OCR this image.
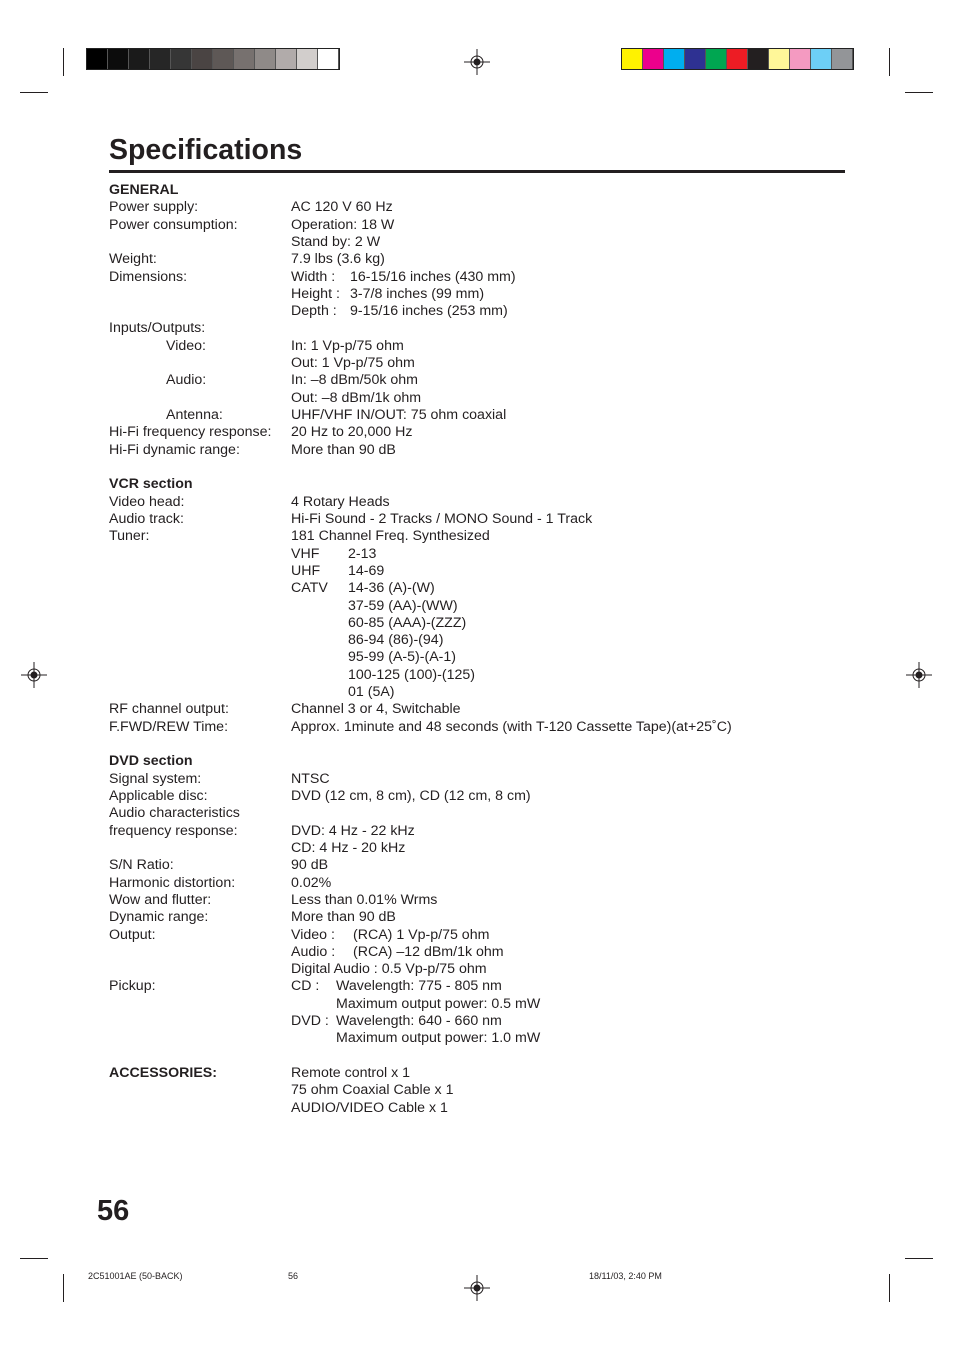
Specifications
GENERAL
Power supply:	AC 120 V 60 Hz
Power consumption:	Operation: 18 W
Stand by: 2 W
Weight:	7.9 lbs (3.6 kg)
Dimensions:	Width : 16-15/16 inches (430 mm)
Height : 3-7/8 inches (99 mm)
Depth : 9-15/16 inches (253 mm)
Inputs/Outputs:
Video:	In: 1 Vp-p/75 ohm
Out: 1 Vp-p/75 ohm
Audio:	In: –8 dBm/50k ohm
Out: –8 dBm/1k ohm
Antenna:	UHF/VHF IN/OUT: 75 ohm coaxial
Hi-Fi frequency response: 20 Hz to 20,000 Hz
Hi-Fi dynamic range:	More than 90 dB
VCR section
Video head:	4 Rotary Heads
Audio track:	Hi-Fi Sound - 2 Tracks / MONO Sound - 1 Track
Tuner:	181 Channel Freq. Synthesized
VHF 2-13
UHF 14-69
CATV 14-36 (A)-(W)
37-59 (AA)-(WW)
60-85 (AAA)-(ZZZ)
86-94 (86)-(94)
95-99 (A-5)-(A-1)
100-125 (100)-(125)
01 (5A)
RF channel output:	Channel 3 or 4, Switchable
F.FWD/REW Time:	Approx. 1minute and 48 seconds (with T-120 Cassette Tape)(at+25˚C)
DVD section
Signal system:	NTSC
Applicable disc:	DVD (12 cm, 8 cm), CD (12 cm, 8 cm)
Audio characteristics
frequency response:	DVD: 4 Hz - 22 kHz
CD: 4 Hz - 20 kHz
S/N Ratio:	90 dB
Harmonic distortion:	0.02%
Wow and flutter:	Less than 0.01% Wrms
Dynamic range:	More than 90 dB
Output:	Video : (RCA) 1 Vp-p/75 ohm
Audio : (RCA) –12 dBm/1k ohm
Digital Audio : 0.5 Vp-p/75 ohm
Pickup:	CD : Wavelength: 775 - 805 nm
Maximum output power: 0.5 mW
DVD : Wavelength: 640 - 660 nm
Maximum output power: 1.0 mW
ACCESSORIES:	Remote control x 1
75 ohm Coaxial Cable x 1
AUDIO/VIDEO Cable x 1
56
2C51001AE (50-BACK)	56	18/11/03, 2:40 PM
